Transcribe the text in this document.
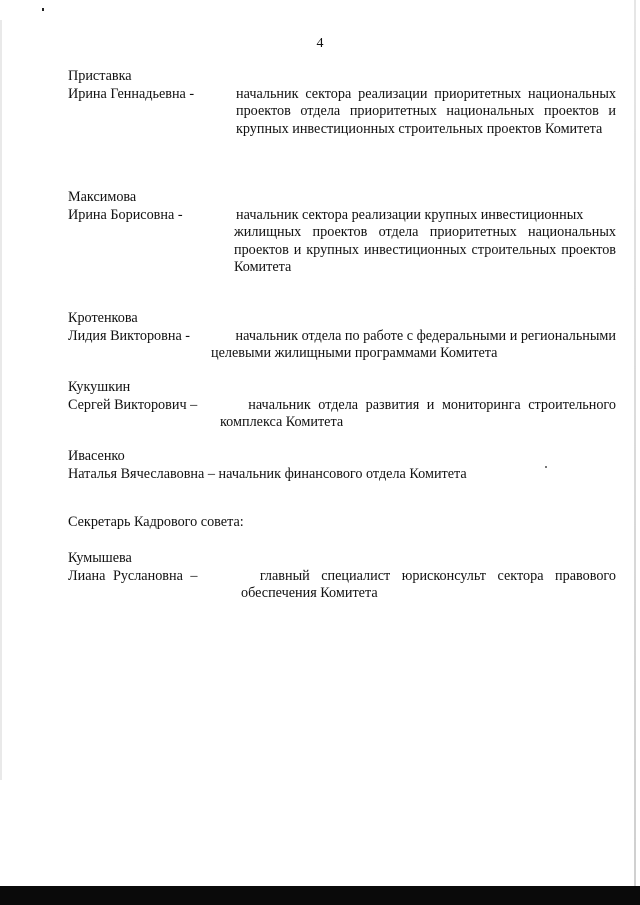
4
Приставка
Ирина Геннадьевна -	начальник сектора реализации приоритетных национальных проектов отдела приоритетных национальных проектов и крупных инвестиционных строительных проектов Комитета
Максимова
Ирина Борисовна -	начальник сектора реализации крупных инвестиционных
жилищных проектов отдела приоритетных национальных проектов и крупных инвестиционных строительных проектов Комитета
Кротенкова
Лидия Викторовна -	начальник отдела по работе с федеральными и региональными
целевыми жилищными программами Комитета
Кукушкин
Сергей Викторович –	начальник отдела развития и мониторинга строительного
комплекса Комитета
Ивасенко
Наталья Вячеславовна – начальник финансового отдела Комитета
Секретарь Кадрового совета:
Кумышева
Лиана Руслановна –	главный специалист юрисконсульт сектора правового
обеспечения Комитета
